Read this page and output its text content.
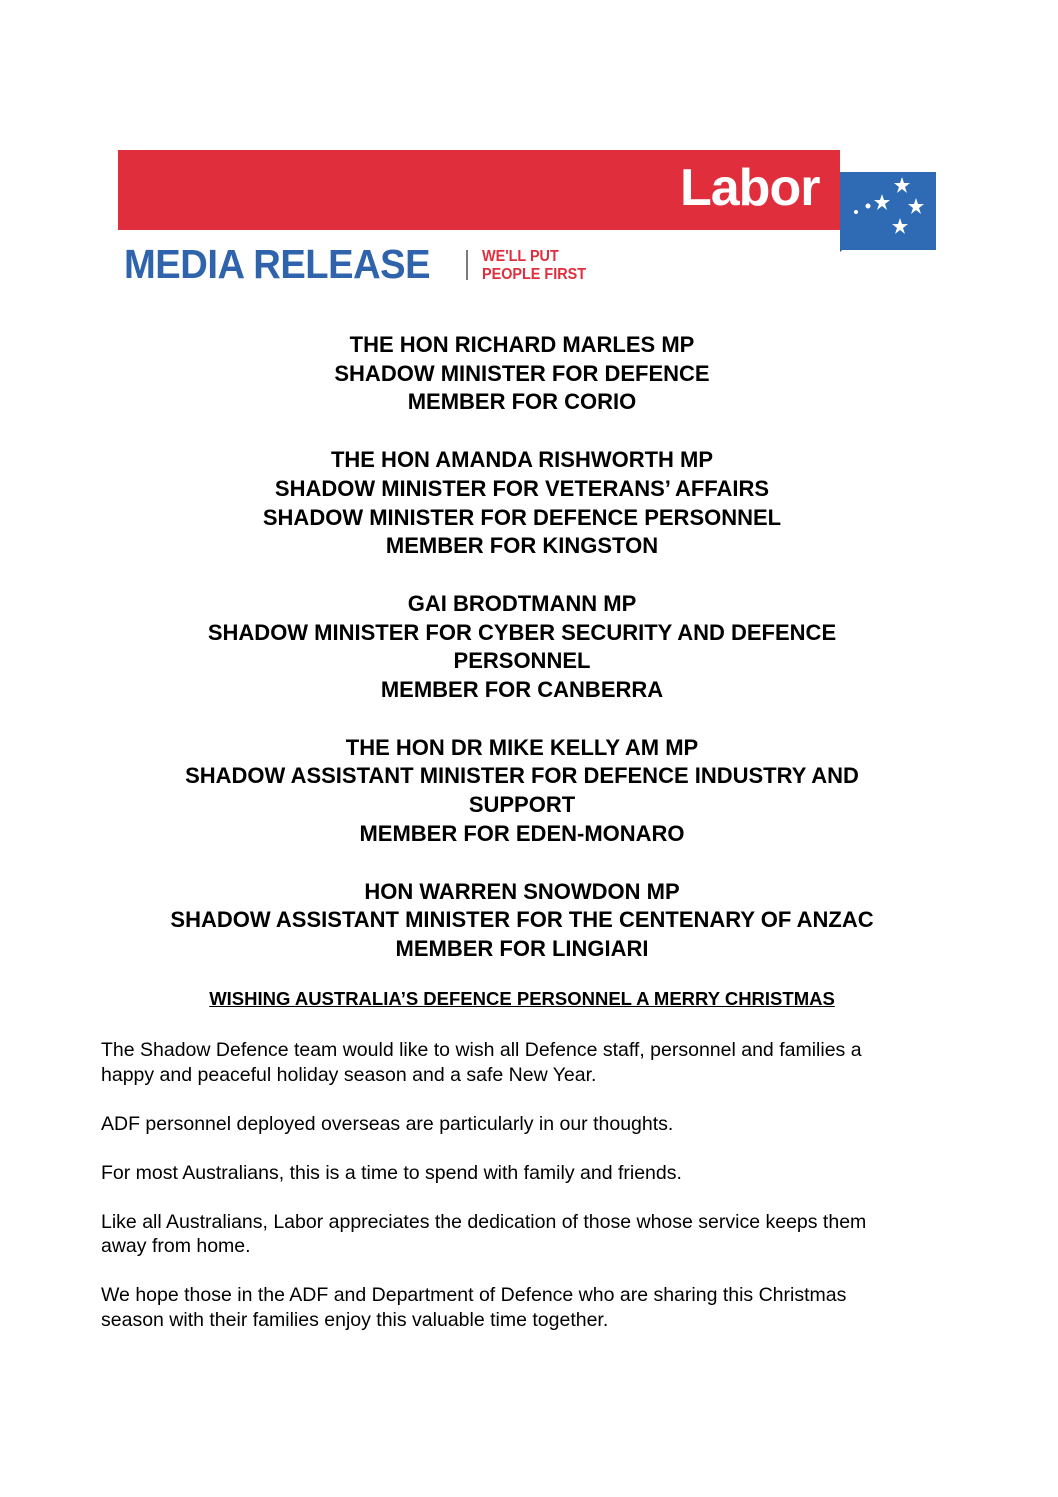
Labor
MEDIA RELEASE	WE'LL PUT
PEOPLE FIRST
THE HON RICHARD MARLES MP
SHADOW MINISTER FOR DEFENCE
MEMBER FOR CORIO
THE HON AMANDA RISHWORTH MP
SHADOW MINISTER FOR VETERANS’ AFFAIRS
SHADOW MINISTER FOR DEFENCE PERSONNEL
MEMBER FOR KINGSTON
GAI BRODTMANN MP
SHADOW MINISTER FOR CYBER SECURITY AND DEFENCE
PERSONNEL
MEMBER FOR CANBERRA
THE HON DR MIKE KELLY AM MP
SHADOW ASSISTANT MINISTER FOR DEFENCE INDUSTRY AND
SUPPORT
MEMBER FOR EDEN-MONARO
HON WARREN SNOWDON MP
SHADOW ASSISTANT MINISTER FOR THE CENTENARY OF ANZAC
MEMBER FOR LINGIARI
WISHING AUSTRALIA’S DEFENCE PERSONNEL A MERRY CHRISTMAS

The Shadow Defence team would like to wish all Defence staff, personnel and families a
happy and peaceful holiday season and a safe New Year.

ADF personnel deployed overseas are particularly in our thoughts.

For most Australians, this is a time to spend with family and friends.

Like all Australians, Labor appreciates the dedication of those whose service keeps them
away from home.

We hope those in the ADF and Department of Defence who are sharing this Christmas
season with their families enjoy this valuable time together.
